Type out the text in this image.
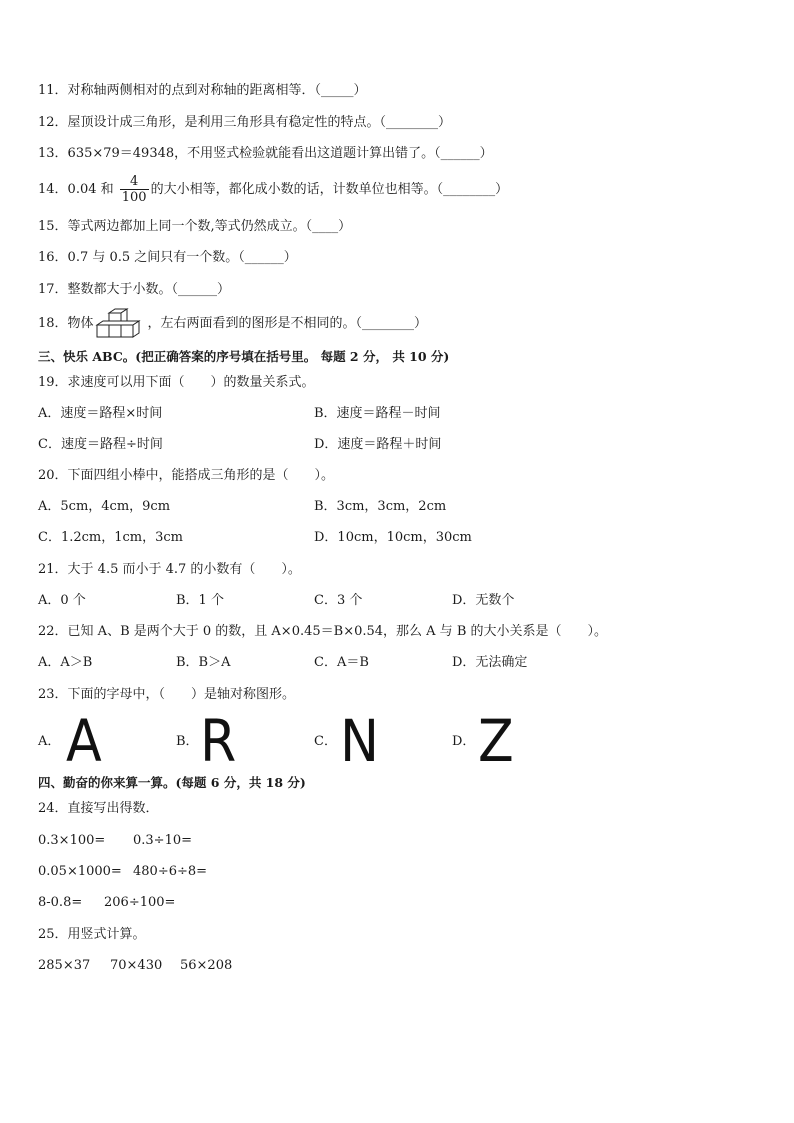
11．对称轴两侧相对的点到对称轴的距离相等．（_____）
12．屋顶设计成三角形，是利用三角形具有稳定性的特点。（________）
13．635×79＝49348，不用竖式检验就能看出这道题计算出错了。（______）
14．0.04 和 $\frac{4}{100}$ 的大小相等，都化成小数的话，计数单位也相等。（________）
15．等式两边都加上同一个数,等式仍然成立。（____）
16．0.7 与 0.5 之间只有一个数。（______）
17．整数都大于小数。（______）
18．物体	，左右两面看到的图形是不相同的。（________）
三、快乐 ABC。(把正确答案的序号填在括号里。 每题 2 分， 共 10 分)
19．求速度可以用下面（　　）的数量关系式。
A．速度＝路程×时间	B．速度＝路程－时间
C．速度＝路程÷时间	D．速度＝路程＋时间
20．下面四组小棒中，能搭成三角形的是（　　）。
A．5cm，4cm，9cm	B．3cm，3cm，2cm
C．1.2cm，1cm，3cm	D．10cm，10cm，30cm
21．大于 4.5 而小于 4.7 的小数有（　　）。
A．0 个	B．1 个	C．3 个	D．无数个
22．已知 A、B 是两个大于 0 的数，且 A×0.45＝B×0.54，那么 A 与 B 的大小关系是（　　）。
A．A＞B	B．B＞A	C．A＝B	D．无法确定
23．下面的字母中，（　　）是轴对称图形。
A． A	B． R	C． N	D． Z
四、勤奋的你来算一算。(每题 6 分，共 18 分)
24．直接写出得数．
0.3×100= 0.3÷10=
0.05×1000= 480÷6÷8=
8-0.8= 206÷100=
25．用竖式计算。
285×37 70×430 56×208
